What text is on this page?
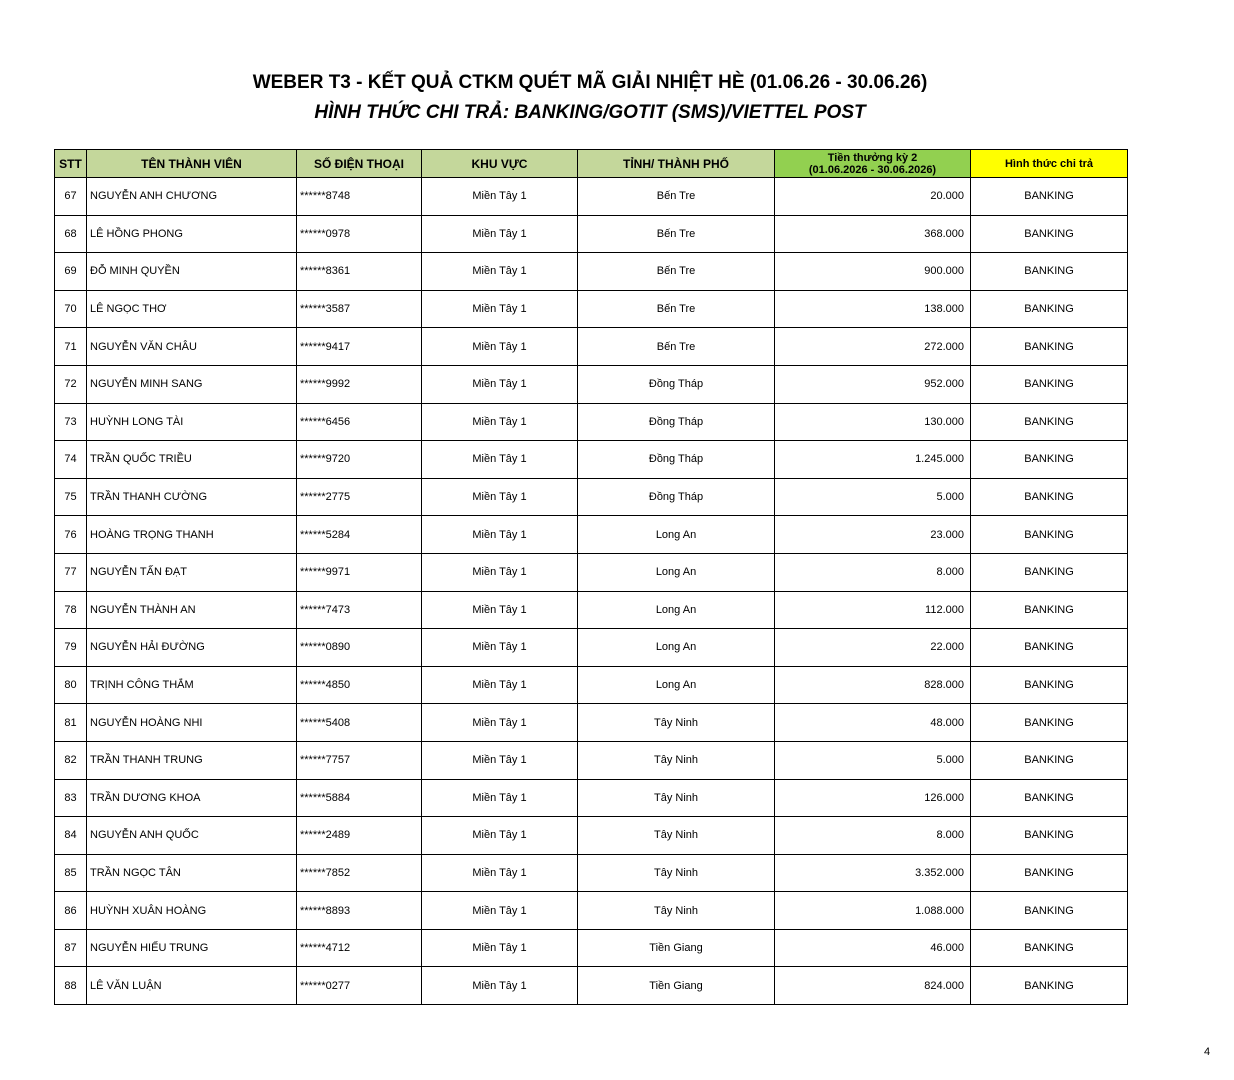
WEBER T3 - KẾT QUẢ CTKM QUÉT MÃ GIẢI NHIỆT HÈ (01.06.26 - 30.06.26)
HÌNH THỨC CHI TRẢ: BANKING/GOTIT (SMS)/VIETTEL POST
STT	TÊN THÀNH VIÊN	SỐ ĐIỆN THOẠI	KHU VỰC	TỈNH/ THÀNH PHỐ	Tiền thưởng kỳ 2
(01.06.2026 - 30.06.2026)	Hình thức chi trả
67	NGUYỄN ANH CHƯƠNG	******8748	Miền Tây 1	Bến Tre	20.000	BANKING
68	LÊ HỒNG PHONG	******0978	Miền Tây 1	Bến Tre	368.000	BANKING
69	ĐỖ MINH QUYỀN	******8361	Miền Tây 1	Bến Tre	900.000	BANKING
70	LÊ NGỌC THƠ	******3587	Miền Tây 1	Bến Tre	138.000	BANKING
71	NGUYỄN VĂN CHÂU	******9417	Miền Tây 1	Bến Tre	272.000	BANKING
72	NGUYỄN MINH SANG	******9992	Miền Tây 1	Đồng Tháp	952.000	BANKING
73	HUỲNH LONG TÀI	******6456	Miền Tây 1	Đồng Tháp	130.000	BANKING
74	TRẦN QUỐC TRIỀU	******9720	Miền Tây 1	Đồng Tháp	1.245.000	BANKING
75	TRẦN THANH CƯỜNG	******2775	Miền Tây 1	Đồng Tháp	5.000	BANKING
76	HOÀNG TRỌNG THANH	******5284	Miền Tây 1	Long An	23.000	BANKING
77	NGUYỄN TẤN ĐẠT	******9971	Miền Tây 1	Long An	8.000	BANKING
78	NGUYỄN THÀNH AN	******7473	Miền Tây 1	Long An	112.000	BANKING
79	NGUYỄN HẢI ĐƯỜNG	******0890	Miền Tây 1	Long An	22.000	BANKING
80	TRỊNH CÔNG THẮM	******4850	Miền Tây 1	Long An	828.000	BANKING
81	NGUYỄN HOÀNG NHI	******5408	Miền Tây 1	Tây Ninh	48.000	BANKING
82	TRẦN THANH TRUNG	******7757	Miền Tây 1	Tây Ninh	5.000	BANKING
83	TRẦN DƯƠNG KHOA	******5884	Miền Tây 1	Tây Ninh	126.000	BANKING
84	NGUYỄN ANH QUỐC	******2489	Miền Tây 1	Tây Ninh	8.000	BANKING
85	TRẦN NGỌC TÂN	******7852	Miền Tây 1	Tây Ninh	3.352.000	BANKING
86	HUỲNH XUÂN HOÀNG	******8893	Miền Tây 1	Tây Ninh	1.088.000	BANKING
87	NGUYỄN HIẾU TRUNG	******4712	Miền Tây 1	Tiền Giang	46.000	BANKING
88	LÊ VĂN LUẬN	******0277	Miền Tây 1	Tiền Giang	824.000	BANKING
4
